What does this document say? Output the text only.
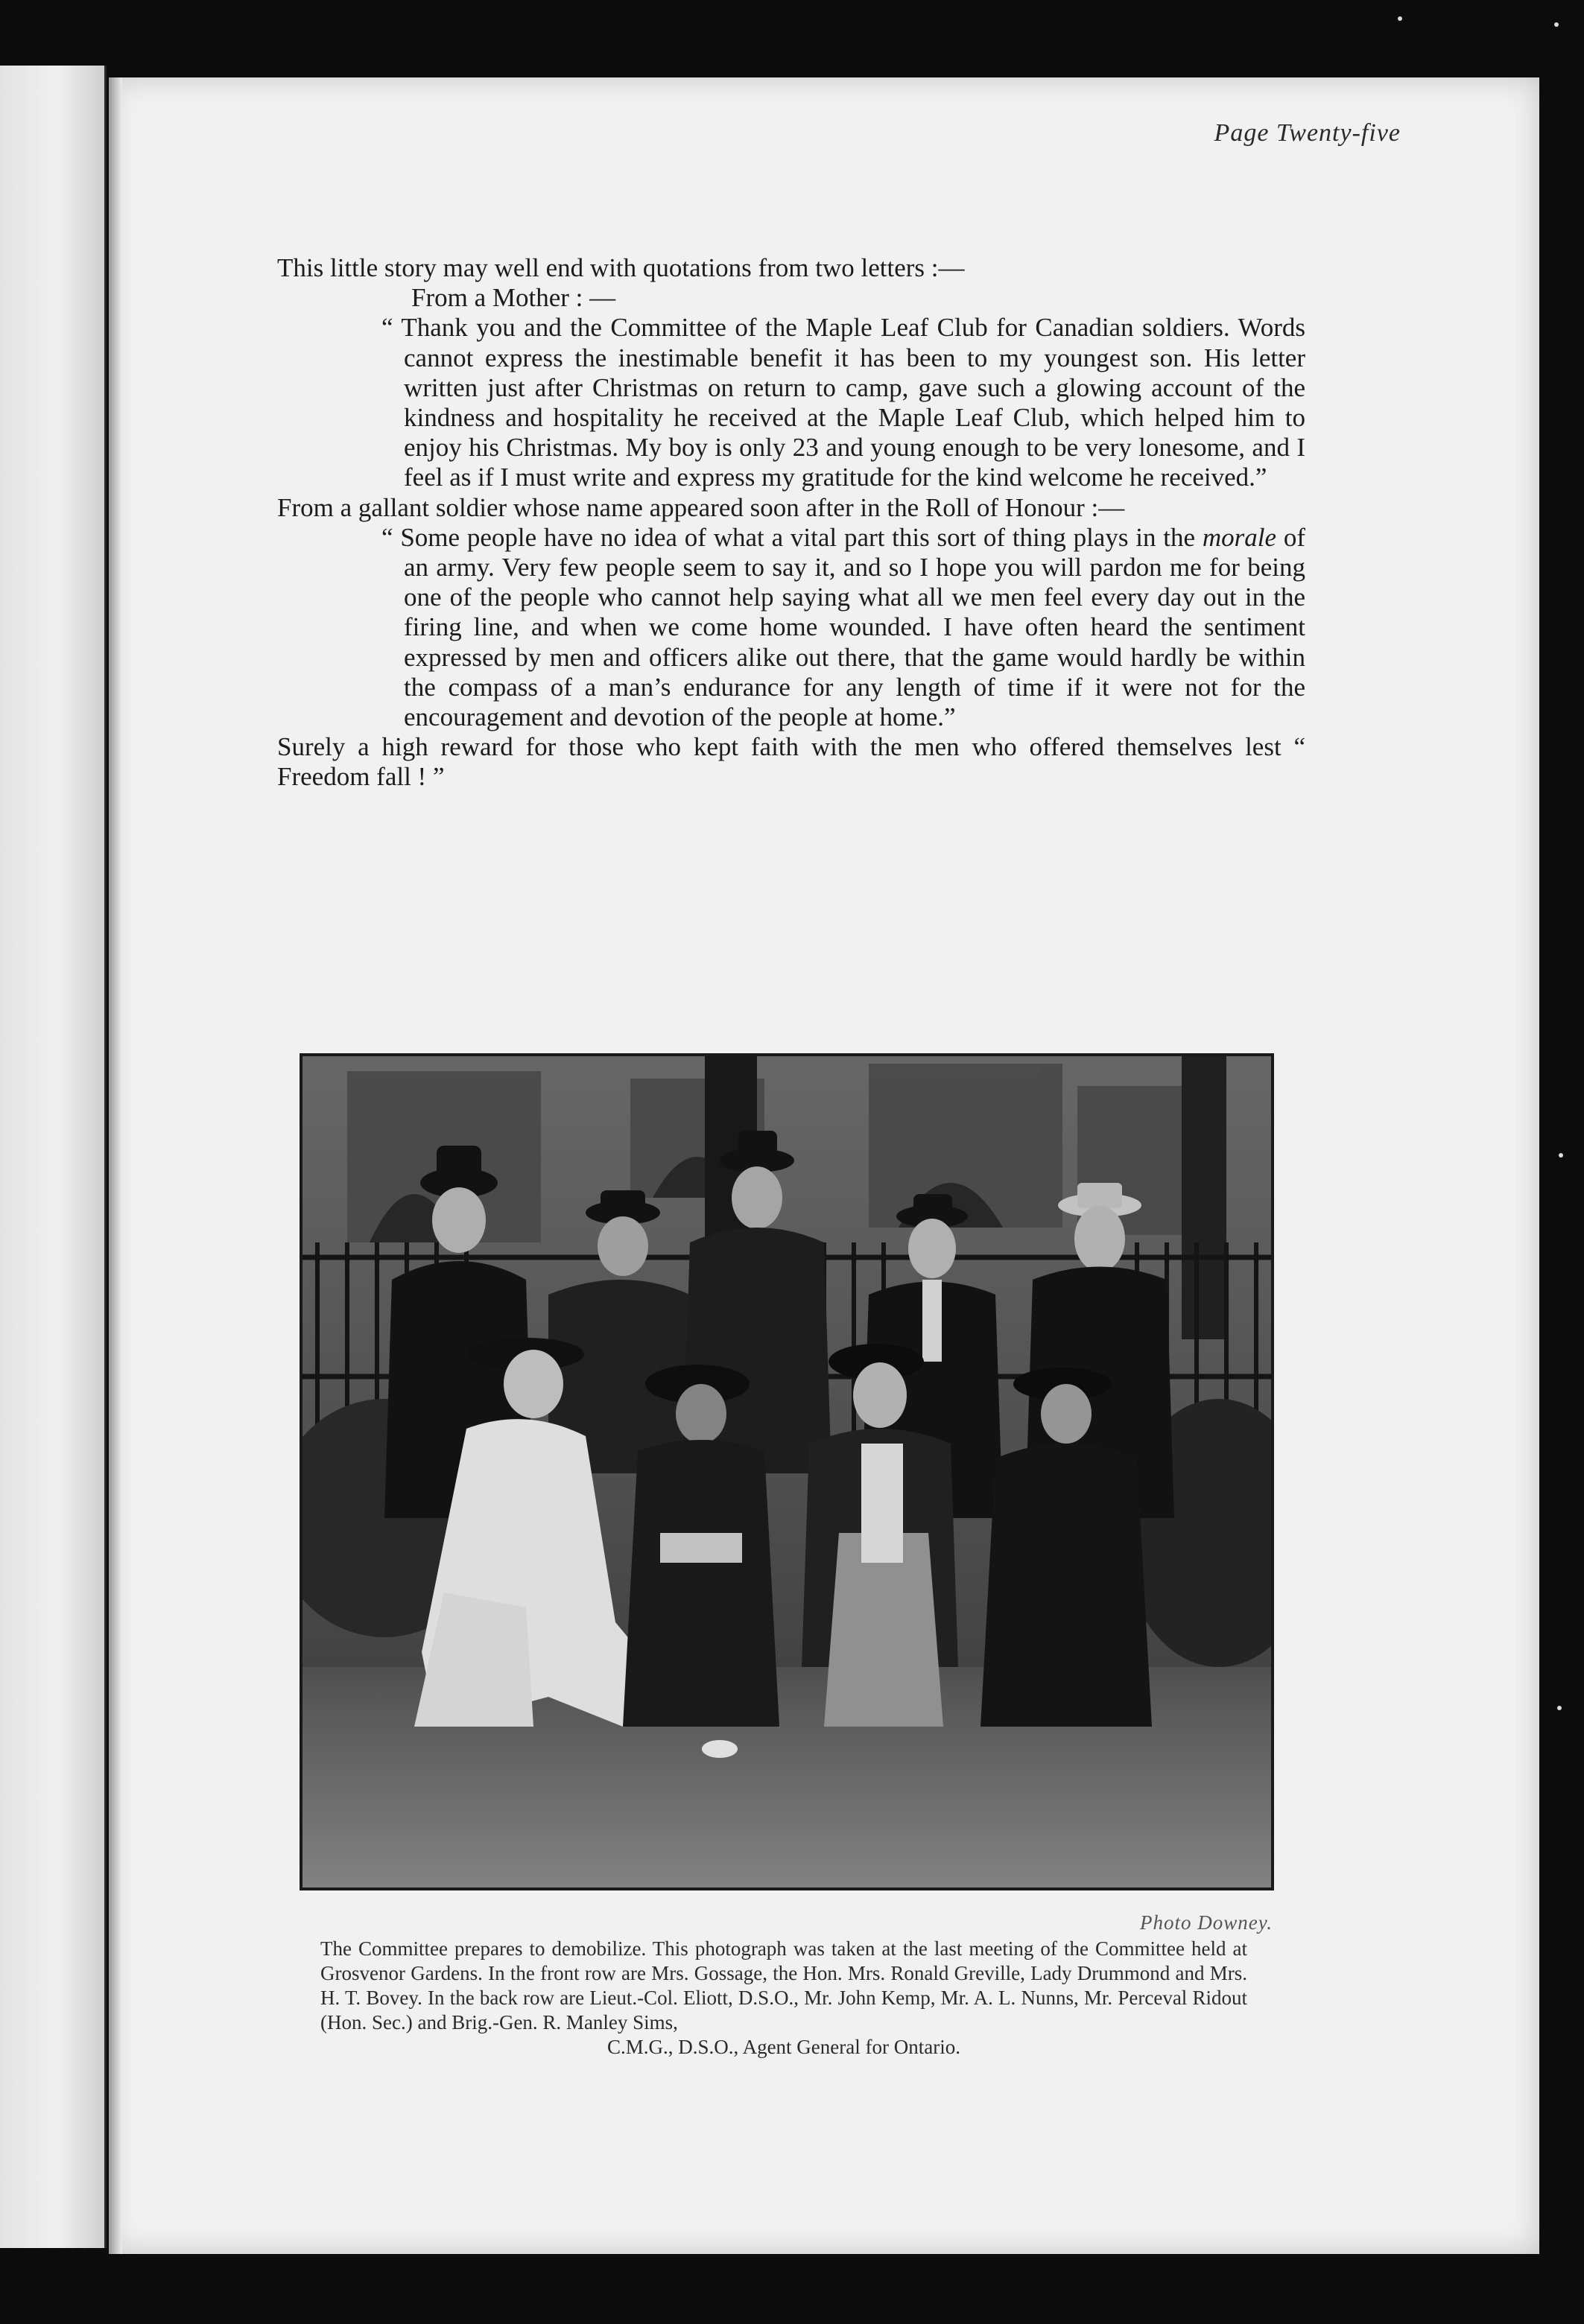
Page Twenty-five

This little story may well end with quotations from two letters :—

From a Mother : —

“ Thank you and the Committee of the Maple Leaf Club for Canadian soldiers. Words cannot express the inestimable benefit it has been to my youngest son. His letter written just after Christmas on return to camp, gave such a glowing account of the kindness and hospitality he received at the Maple Leaf Club, which helped him to enjoy his Christmas. My boy is only 23 and young enough to be very lonesome, and I feel as if I must write and express my gratitude for the kind welcome he received.”

From a gallant soldier whose name appeared soon after in the Roll of Honour :—

“ Some people have no idea of what a vital part this sort of thing plays in the morale of an army. Very few people seem to say it, and so I hope you will pardon me for being one of the people who cannot help saying what all we men feel every day out in the firing line, and when we come home wounded. I have often heard the sentiment expressed by men and officers alike out there, that the game would hardly be within the compass of a man’s endurance for any length of time if it were not for the encouragement and devotion of the people at home.”

Surely a high reward for those who kept faith with the men who offered themselves lest “ Freedom fall ! ”

Photo Downey.
The Committee prepares to demobilize. This photograph was taken at the last meeting of the Committee held at Grosvenor Gardens. In the front row are Mrs. Gossage, the Hon. Mrs. Ronald Greville, Lady Drummond and Mrs. H. T. Bovey. In the back row are Lieut.-Col. Eliott, D.S.O., Mr. John Kemp, Mr. A. L. Nunns, Mr. Perceval Ridout (Hon. Sec.) and Brig.-Gen. R. Manley Sims,
C.M.G., D.S.O., Agent General for Ontario.
